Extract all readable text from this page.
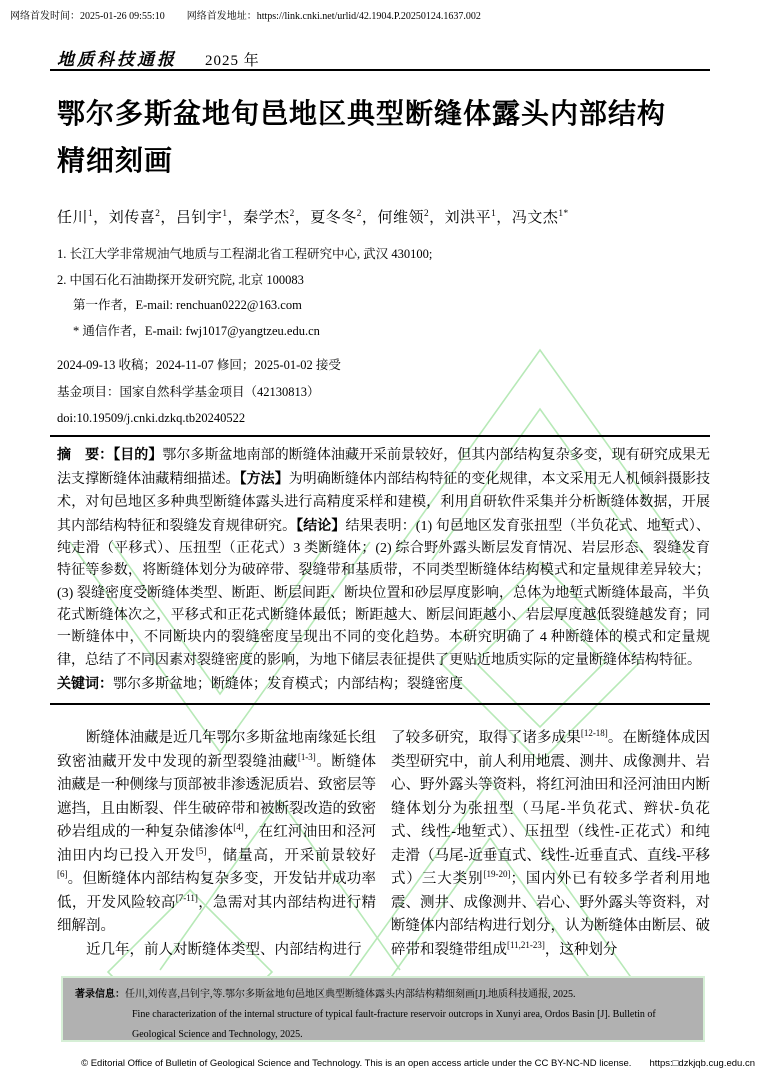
网络首发时间：2025-01-26 09:55:10 网络首发地址：https://link.cnki.net/urlid/42.1904.P.20250124.1637.002
地质科技通报 2025 年
鄂尔多斯盆地旬邑地区典型断缝体露头内部结构
精细刻画
任川$^1$，刘传喜$^2$，吕钊宇$^1$，秦学杰$^2$，夏冬冬$^2$，何维领$^2$，刘洪平$^1$，冯文杰$^{1*}$
1. 长江大学非常规油气地质与工程湖北省工程研究中心, 武汉 430100;
2. 中国石化石油勘探开发研究院, 北京 100083
第一作者，E-mail: renchuan0222@163.com
* 通信作者，E-mail: fwj1017@yangtzeu.edu.cn
2024-09-13 收稿；2024-11-07 修回；2025-01-02 接受
基金项目：国家自然科学基金项目（42130813）
doi:10.19509/j.cnki.dzkq.tb20240522
摘　要：【目的】鄂尔多斯盆地南部的断缝体油藏开采前景较好，但其内部结构复杂多变，现有研究成果无法支撑断缝体油藏精细描述。【方法】为明确断缝体内部结构特征的变化规律，本文采用无人机倾斜摄影技术，对旬邑地区多种典型断缝体露头进行高精度采样和建模，利用自研软件采集并分析断缝体数据，开展其内部结构特征和裂缝发育规律研究。【结论】结果表明：(1) 旬邑地区发育张扭型（半负花式、地堑式）、纯走滑（平移式）、压扭型（正花式）3 类断缝体；(2) 综合野外露头断层发育情况、岩层形态、裂缝发育特征等参数，将断缝体划分为破碎带、裂缝带和基质带，不同类型断缝体结构模式和定量规律差异较大；(3) 裂缝密度受断缝体类型、断距、断层间距、断块位置和砂层厚度影响，总体为地堑式断缝体最高，半负花式断缝体次之，平移式和正花式断缝体最低；断距越大、断层间距越小、岩层厚度越低裂缝越发育；同一断缝体中，不同断块内的裂缝密度呈现出不同的变化趋势。本研究明确了 4 种断缝体的模式和定量规律，总结了不同因素对裂缝密度的影响，为地下储层表征提供了更贴近地质实际的定量断缝体结构特征。
关键词：鄂尔多斯盆地；断缝体；发育模式；内部结构；裂缝密度

断缝体油藏是近几年鄂尔多斯盆地南缘延长组致密油藏开发中发现的新型裂缝油藏[1-3]。断缝体油藏是一种侧缘与顶部被非渗透泥质岩、致密层等遮挡，且由断裂、伴生破碎带和被断裂改造的致密砂岩组成的一种复杂储渗体[4]，在红河油田和泾河油田内均已投入开发[5]，储量高，开采前景较好[6]。但断缝体内部结构复杂多变，开发钻井成功率低，开发风险较高[7-11]，急需对其内部结构进行精细解剖。

近几年，前人对断缝体类型、内部结构进行

了较多研究，取得了诸多成果[12-18]。在断缝体成因类型研究中，前人利用地震、测井、成像测井、岩心、野外露头等资料，将红河油田和泾河油田内断缝体划分为张扭型（马尾-半负花式、辫状-负花式、线性-地堑式）、压扭型（线性-正花式）和纯走滑（马尾-近垂直式、线性-近垂直式、直线-平移式）三大类别[19-20]；国内外已有较多学者利用地震、测井、成像测井、岩心、野外露头等资料，对断缝体内部结构进行划分，认为断缝体由断层、破碎带和裂缝带组成[11,21-23]，这种划分

著录信息：任川,刘传喜,吕钊宇,等.鄂尔多斯盆地旬邑地区典型断缝体露头内部结构精细刻画[J].地质科技通报, 2025.
Fine characterization of the internal structure of typical fault-fracture reservoir outcrops in Xunyi area, Ordos Basin [J]. Bulletin of Geological Science and Technology, 2025.
© Editorial Office of Bulletin of Geological Science and Technology. This is an open access article under the CC BY-NC-ND license. https:□dzkjqb.cug.edu.cn
